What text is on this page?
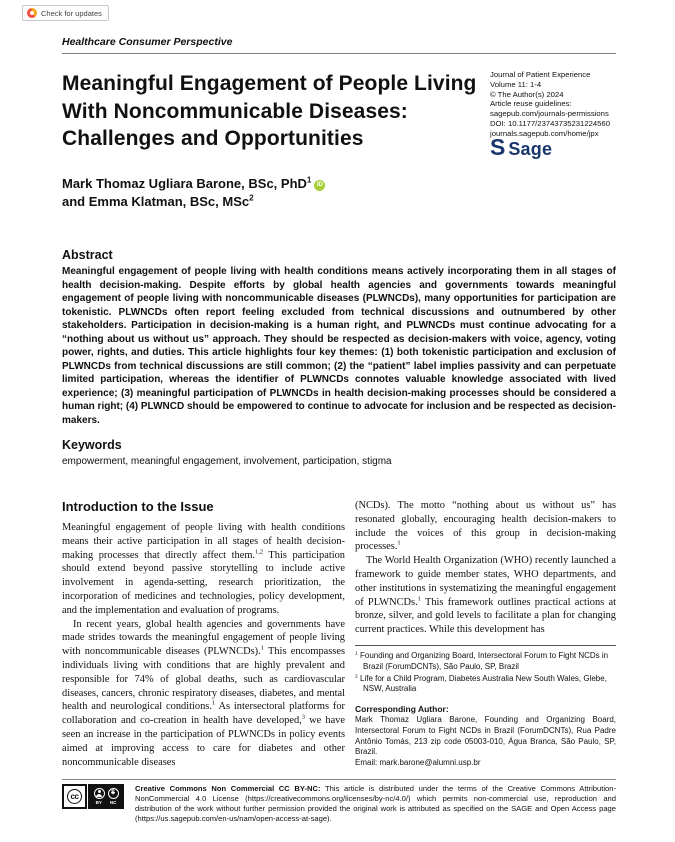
Check for updates
Healthcare Consumer Perspective
Meaningful Engagement of People Living With Noncommunicable Diseases: Challenges and Opportunities
Journal of Patient Experience
Volume 11: 1-4
© The Author(s) 2024
Article reuse guidelines:
sagepub.com/journals-permissions
DOI: 10.1177/23743735231224560
journals.sagepub.com/home/jpx
S Sage
Mark Thomaz Ugliara Barone, BSc, PhD$^1$iD
and Emma Klatman, BSc, MSc$^2$
Abstract

Meaningful engagement of people living with health conditions means actively incorporating them in all stages of health decision-making. Despite efforts by global health agencies and governments towards meaningful engagement of people living with noncommunicable diseases (PLWNCDs), many opportunities for participation are tokenistic. PLWNCDs often report feeling excluded from technical discussions and outnumbered by other stakeholders. Participation in decision-making is a human right, and PLWNCDs must continue advocating for a “nothing about us without us” approach. They should be respected as decision-makers with voice, agency, voting power, rights, and duties. This article highlights four key themes: (1) both tokenistic participation and exclusion of PLWNCDs from technical discussions are still common; (2) the “patient” label implies passivity and can perpetuate limited participation, whereas the identifier of PLWNCDs connotes valuable knowledge associated with lived experience; (3) meaningful participation of PLWNCDs in health decision-making processes should be considered a human right; (4) PLWNCD should be empowered to continue to advocate for inclusion and be respected as decision-makers.

Keywords

empowerment, meaningful engagement, involvement, participation, stigma

Introduction to the Issue

Meaningful engagement of people living with health conditions means their active participation in all stages of health decision-making processes that directly affect them.$^{1,2}$ This participation should extend beyond passive storytelling to include active involvement in agenda-setting, research prioritization, the incorporation of medicines and technologies, policy development, and the implementation and evaluation of programs.

In recent years, global health agencies and governments have made strides towards the meaningful engagement of people living with noncommunicable diseases (PLWNCDs).$^1$ This encompasses individuals living with conditions that are highly prevalent and responsible for 74% of global deaths, such as cardiovascular diseases, cancers, chronic respiratory diseases, diabetes, and mental health and neurological conditions.$^1$ As intersectoral platforms for collaboration and co-creation in health have developed,$^3$ we have seen an increase in the participation of PLWNCDs in policy events aimed at improving access to care for diabetes and other noncommunicable diseases

(NCDs). The motto “nothing about us without us” has resonated globally, encouraging health decision-makers to include the voices of this group in decision-making processes.$^1$

The World Health Organization (WHO) recently launched a framework to guide member states, WHO departments, and other institutions in systematizing the meaningful engagement of PLWNCDs.$^1$ This framework outlines practical actions at bronze, silver, and gold levels to facilitate a plan for changing current practices. While this development has

$^1$ Founding and Organizing Board, Intersectoral Forum to Fight NCDs in Brazil (ForumDCNTs), São Paulo, SP, Brazil
$^2$ Life for a Child Program, Diabetes Australia New South Wales, Glebe, NSW, Australia
Corresponding Author:
Mark Thomaz Ugliara Barone, Founding and Organizing Board, Intersectoral Forum to Fight NCDs in Brazil (ForumDCNTs), Rua Padre Antônio Tomás, 213 zip code 05003-010, Água Branca, São Paulo, SP, Brazil.
Email: mark.barone@alumni.usp.br
cc	$
BY NC
Creative Commons Non Commercial CC BY-NC: This article is distributed under the terms of the Creative Commons Attribution-NonCommercial 4.0 License (https://creativecommons.org/licenses/by-nc/4.0/) which permits non-commercial use, reproduction and distribution of the work without further permission provided the original work is attributed as specified on the SAGE and Open Access page (https://us.sagepub.com/en-us/nam/open-access-at-sage).
